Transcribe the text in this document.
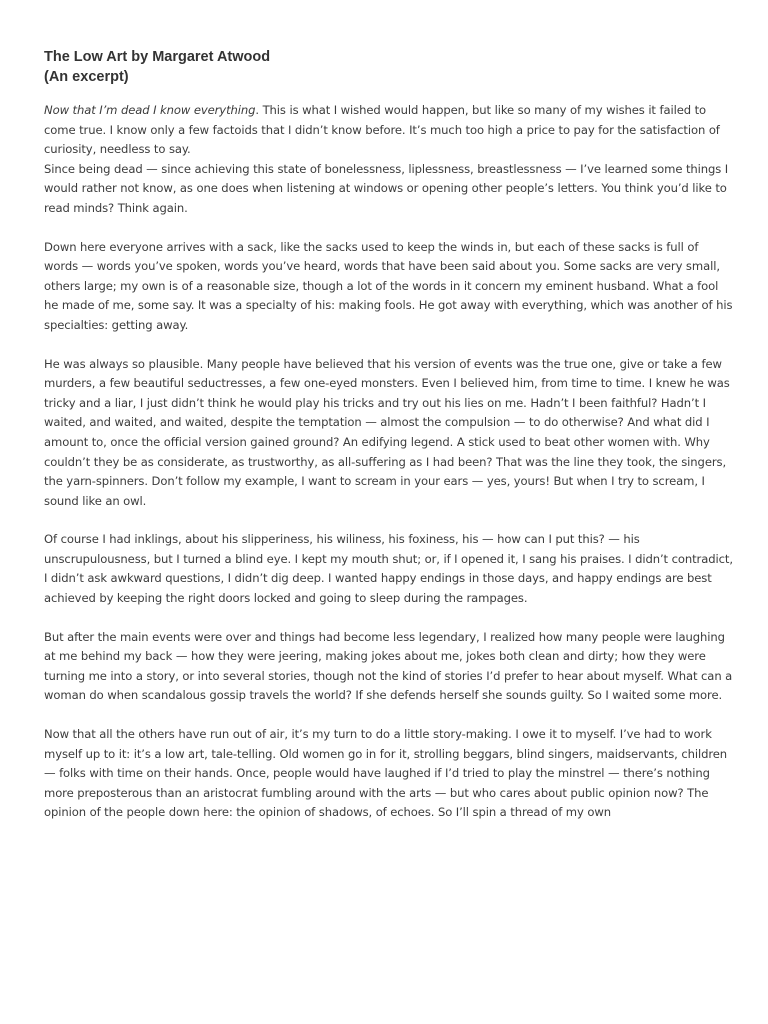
The Low Art by Margaret Atwood
(An excerpt)

Now that I’m dead I know everything. This is what I wished would happen, but like so many of my wishes it failed to come true. I know only a few factoids that I didn’t know before. It’s much too high a price to pay for the satisfaction of curiosity, needless to say.
Since being dead — since achieving this state of bonelessness, liplessness, breastlessness — I’ve learned some things I would rather not know, as one does when listening at windows or opening other people’s letters. You think you’d like to read minds? Think again.

Down here everyone arrives with a sack, like the sacks used to keep the winds in, but each of these sacks is full of words — words you’ve spoken, words you’ve heard, words that have been said about you. Some sacks are very small, others large; my own is of a reasonable size, though a lot of the words in it concern my eminent husband. What a fool he made of me, some say. It was a specialty of his: making fools. He got away with everything, which was another of his specialties: getting away.

He was always so plausible. Many people have believed that his version of events was the true one, give or take a few murders, a few beautiful seductresses, a few one-eyed monsters. Even I believed him, from time to time. I knew he was tricky and a liar, I just didn’t think he would play his tricks and try out his lies on me. Hadn’t I been faithful? Hadn’t I waited, and waited, and waited, despite the temptation — almost the compulsion — to do otherwise? And what did I amount to, once the official version gained ground? An edifying legend. A stick used to beat other women with. Why couldn’t they be as considerate, as trustworthy, as all-suffering as I had been? That was the line they took, the singers, the yarn-spinners. Don’t follow my example, I want to scream in your ears — yes, yours! But when I try to scream, I sound like an owl.

Of course I had inklings, about his slipperiness, his wiliness, his foxiness, his — how can I put this? — his unscrupulousness, but I turned a blind eye. I kept my mouth shut; or, if I opened it, I sang his praises. I didn’t contradict, I didn’t ask awkward questions, I didn’t dig deep. I wanted happy endings in those days, and happy endings are best achieved by keeping the right doors locked and going to sleep during the rampages.

But after the main events were over and things had become less legendary, I realized how many people were laughing at me behind my back — how they were jeering, making jokes about me, jokes both clean and dirty; how they were turning me into a story, or into several stories, though not the kind of stories I’d prefer to hear about myself. What can a woman do when scandalous gossip travels the world? If she defends herself she sounds guilty. So I waited some more.

Now that all the others have run out of air, it’s my turn to do a little story-making. I owe it to myself. I’ve had to work myself up to it: it’s a low art, tale-telling. Old women go in for it, strolling beggars, blind singers, maidservants, children — folks with time on their hands. Once, people would have laughed if I’d tried to play the minstrel — there’s nothing more preposterous than an aristocrat fumbling around with the arts — but who cares about public opinion now? The opinion of the people down here: the opinion of shadows, of echoes. So I’ll spin a thread of my own
